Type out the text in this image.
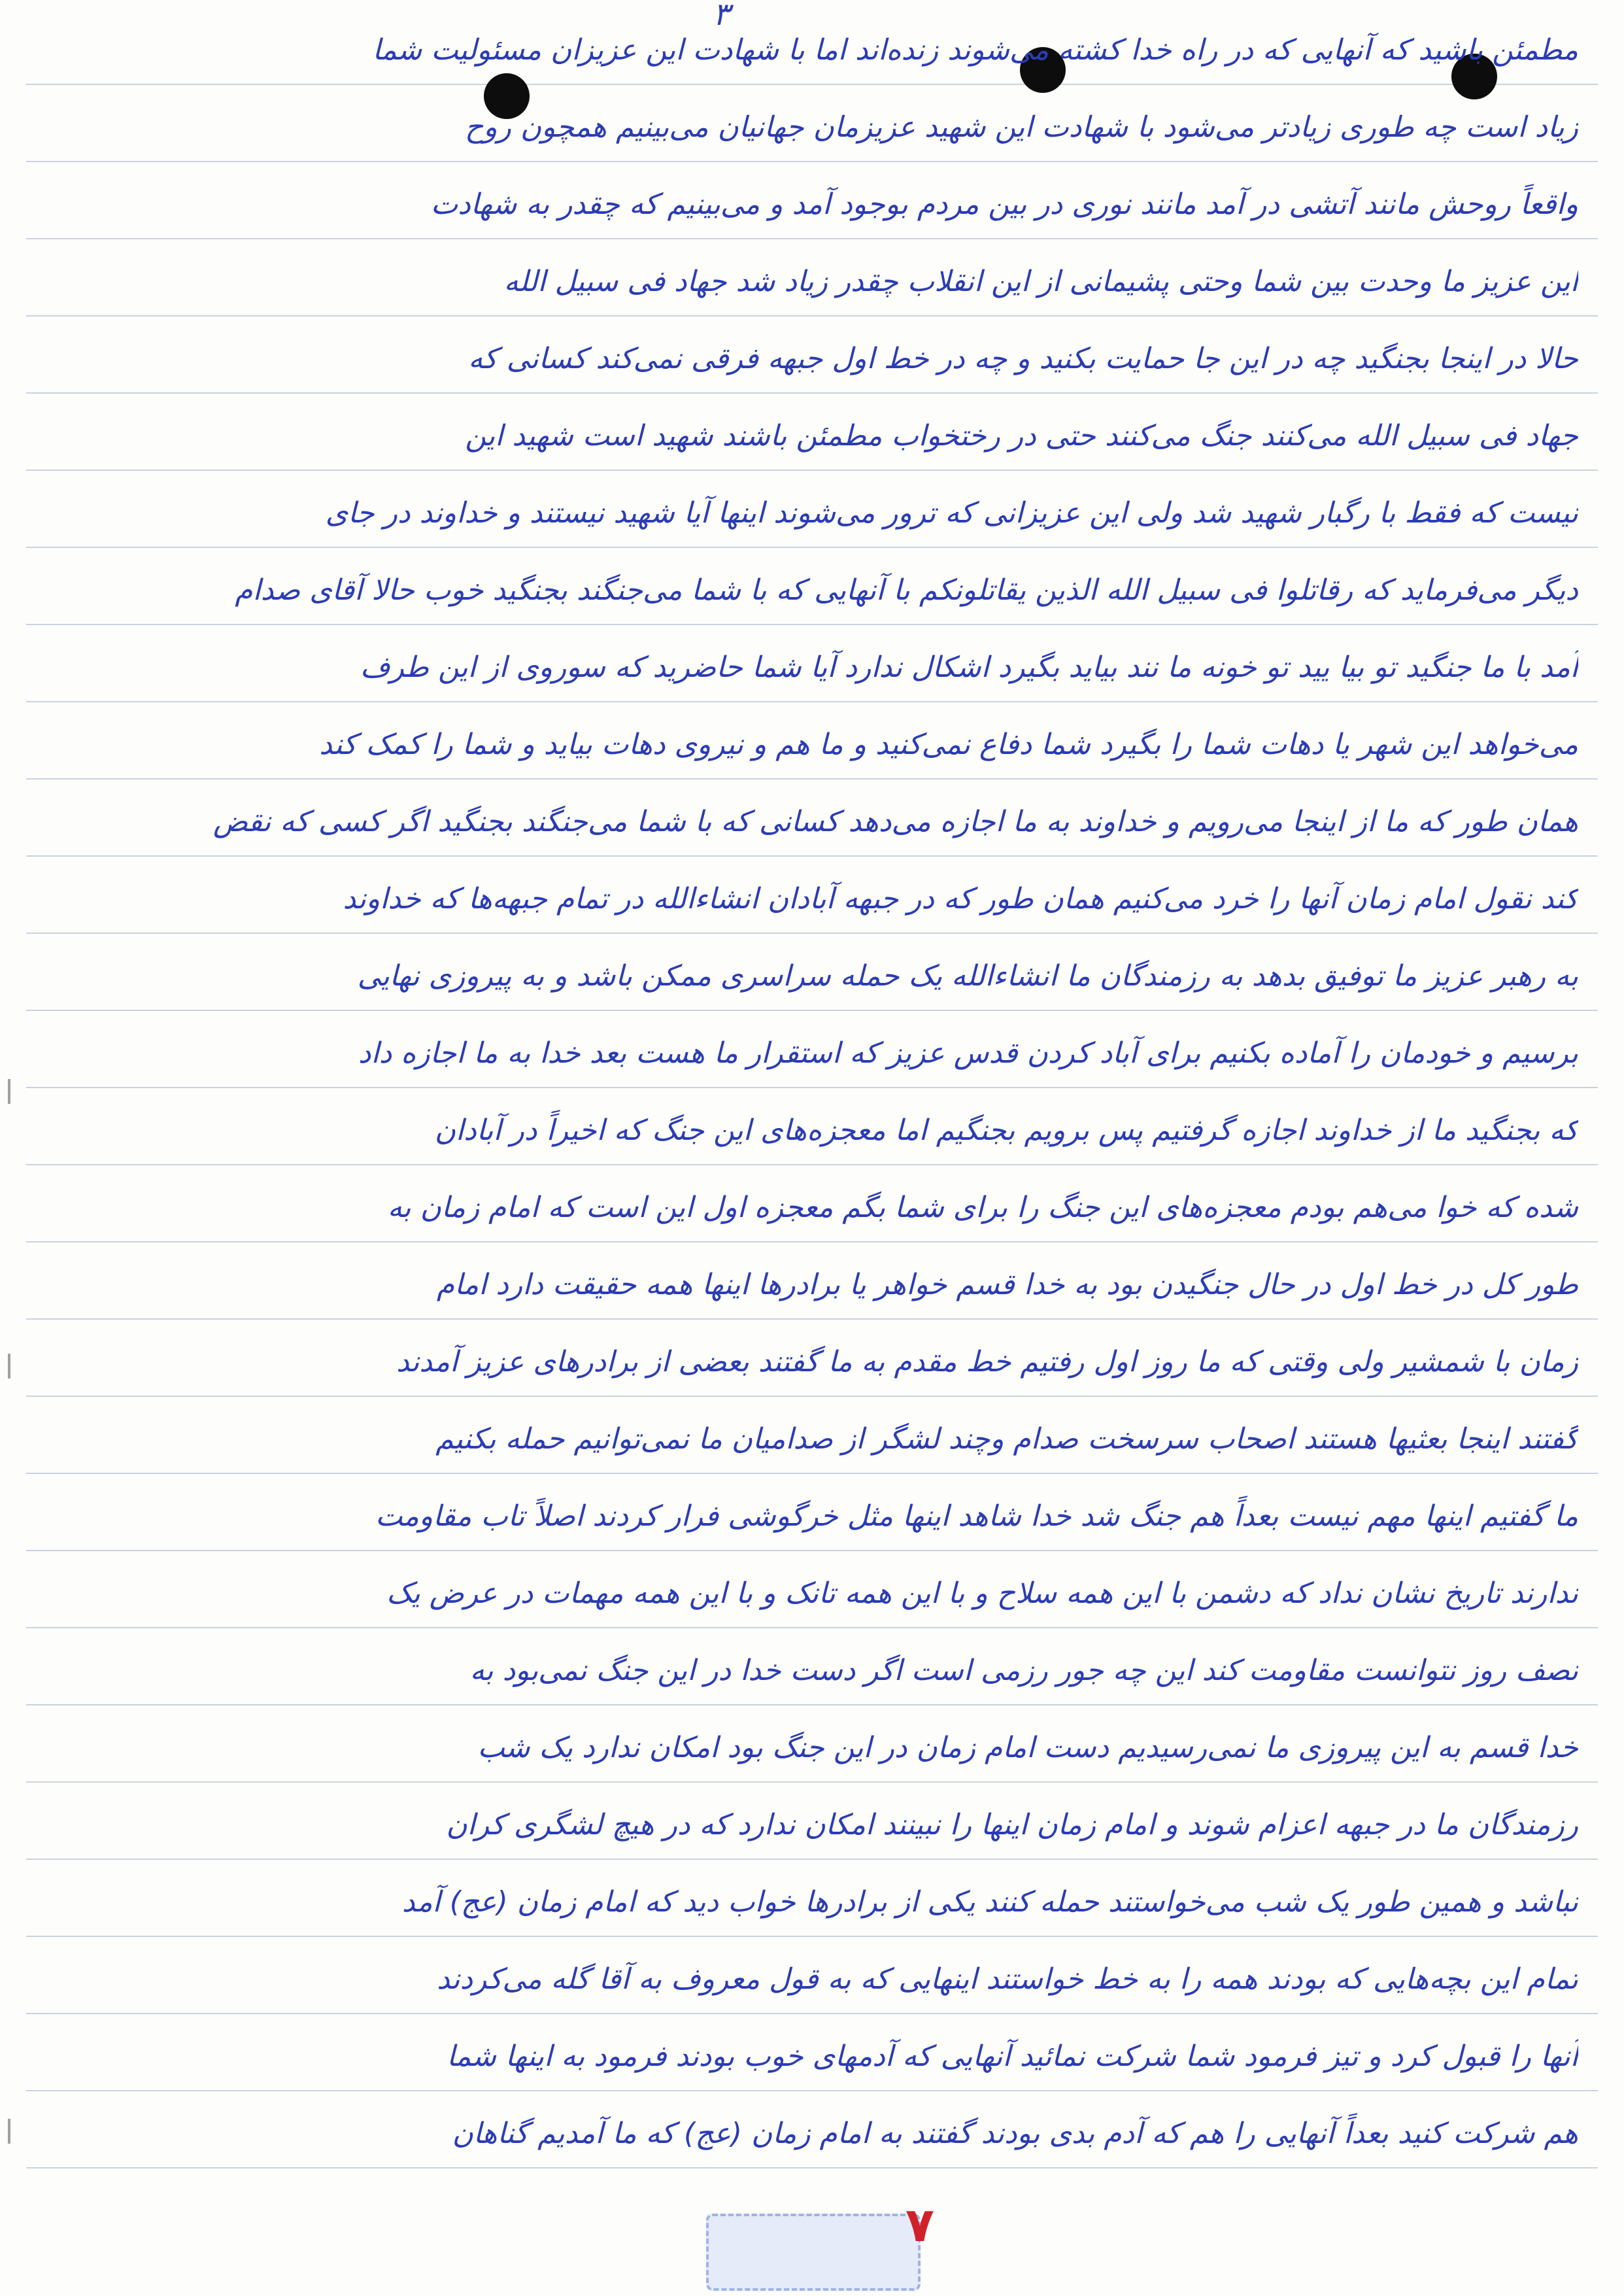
۳
مطمئن باشید که آنهایی که در راه خدا کشته می‌شوند زنده‌اند اما با شهادت این عزیزان مسئولیت شما
زیاد است چه طوری زیادتر می‌شود با شهادت این شهید عزیزمان جهانیان می‌بینیم همچون روح
واقعاً روحش مانند آتشی در آمد مانند نوری در بین مردم بوجود آمد و می‌بینیم که چقدر به شهادت
این عزیز ما وحدت بین شما وحتی پشیمانی از این انقلاب چقدر زیاد شد جهاد فی سبیل الله
حالا در اینجا بجنگید چه در این جا حمایت بکنید و چه در خط اول جبهه فرقی نمی‌کند کسانی که
جهاد فی سبیل الله می‌کنند جنگ می‌کنند حتی در رختخواب مطمئن باشند شهید است شهید این
نیست که فقط با رگبار شهید شد ولی این عزیزانی که ترور می‌شوند اینها آیا شهید نیستند و خداوند در جای
دیگر می‌فرماید که رقاتلوا فی سبیل الله الذین یقاتلونکم با آنهایی که با شما می‌جنگند بجنگید خوب حالا آقای صدام
آمد با ما جنگید تو بیا یید تو خونه ما نند بیاید بگیرد اشکال ندارد آیا شما حاضرید که سوروی از این طرف
می‌خواهد این شهر یا دهات شما را بگیرد شما دفاع نمی‌کنید و ما هم و نیروی دهات بیاید و شما را کمک کند
همان طور که ما از اینجا می‌رویم و خداوند به ما اجازه می‌دهد کسانی که با شما می‌جنگند بجنگید اگر کسی که نقض
کند نقول امام زمان آنها را خرد می‌کنیم همان طور که در جبهه آبادان انشاءالله در تمام جبهه‌ها که خداوند
به رهبر عزیز ما توفیق بدهد به رزمندگان ما انشاءالله یک حمله سراسری ممکن باشد و به پیروزی نهایی
برسیم و خودمان را آماده بکنیم برای آباد کردن قدس عزیز که استقرار ما هست بعد خدا به ما اجازه داد
که بجنگید ما از خداوند اجازه گرفتیم پس برویم بجنگیم اما معجزه‌های این جنگ که اخیراً در آبادان
شده که خوا می‌هم بودم معجزه‌های این جنگ را برای شما بگم معجزه اول این است که امام زمان به
طور کل در خط اول در حال جنگیدن بود به خدا قسم خواهر یا برادرها اینها همه حقیقت دارد امام
زمان با شمشیر ولی وقتی که ما روز اول رفتیم خط مقدم به ما گفتند بعضی از برادرهای عزیز آمدند
گفتند اینجا بعثیها هستند اصحاب سرسخت صدام وچند لشگر از صدامیان ما نمی‌توانیم حمله بکنیم
ما گفتیم اینها مهم نیست بعداً هم جنگ شد خدا شاهد اینها مثل خرگوشی فرار کردند اصلاً تاب مقاومت
ندارند تاریخ نشان نداد که دشمن با این همه سلاح و با این همه تانک و با این همه مهمات در عرض یک
نصف روز نتوانست مقاومت کند این چه جور رزمی است اگر دست خدا در این جنگ نمی‌بود به
خدا قسم به این پیروزی ما نمی‌رسیدیم دست امام زمان در این جنگ بود امکان ندارد یک شب
رزمندگان ما در جبهه اعزام شوند و امام زمان اینها را نبینند امکان ندارد که در هیچ لشگری کران
نباشد و همین طور یک شب می‌خواستند حمله کنند یکی از برادرها خواب دید که امام زمان (عج) آمد
تمام این بچه‌هایی که بودند همه را به خط خواستند اینهایی که به قول معروف به آقا گله می‌کردند
آنها را قبول کرد و تیز فرمود شما شرکت نمائید آنهایی که آدمهای خوب بودند فرمود به اینها شما
هم شرکت کنید بعداً آنهایی را هم که آدم بدی بودند گفتند به امام زمان (عج) که ما آمدیم گناهان
۷
